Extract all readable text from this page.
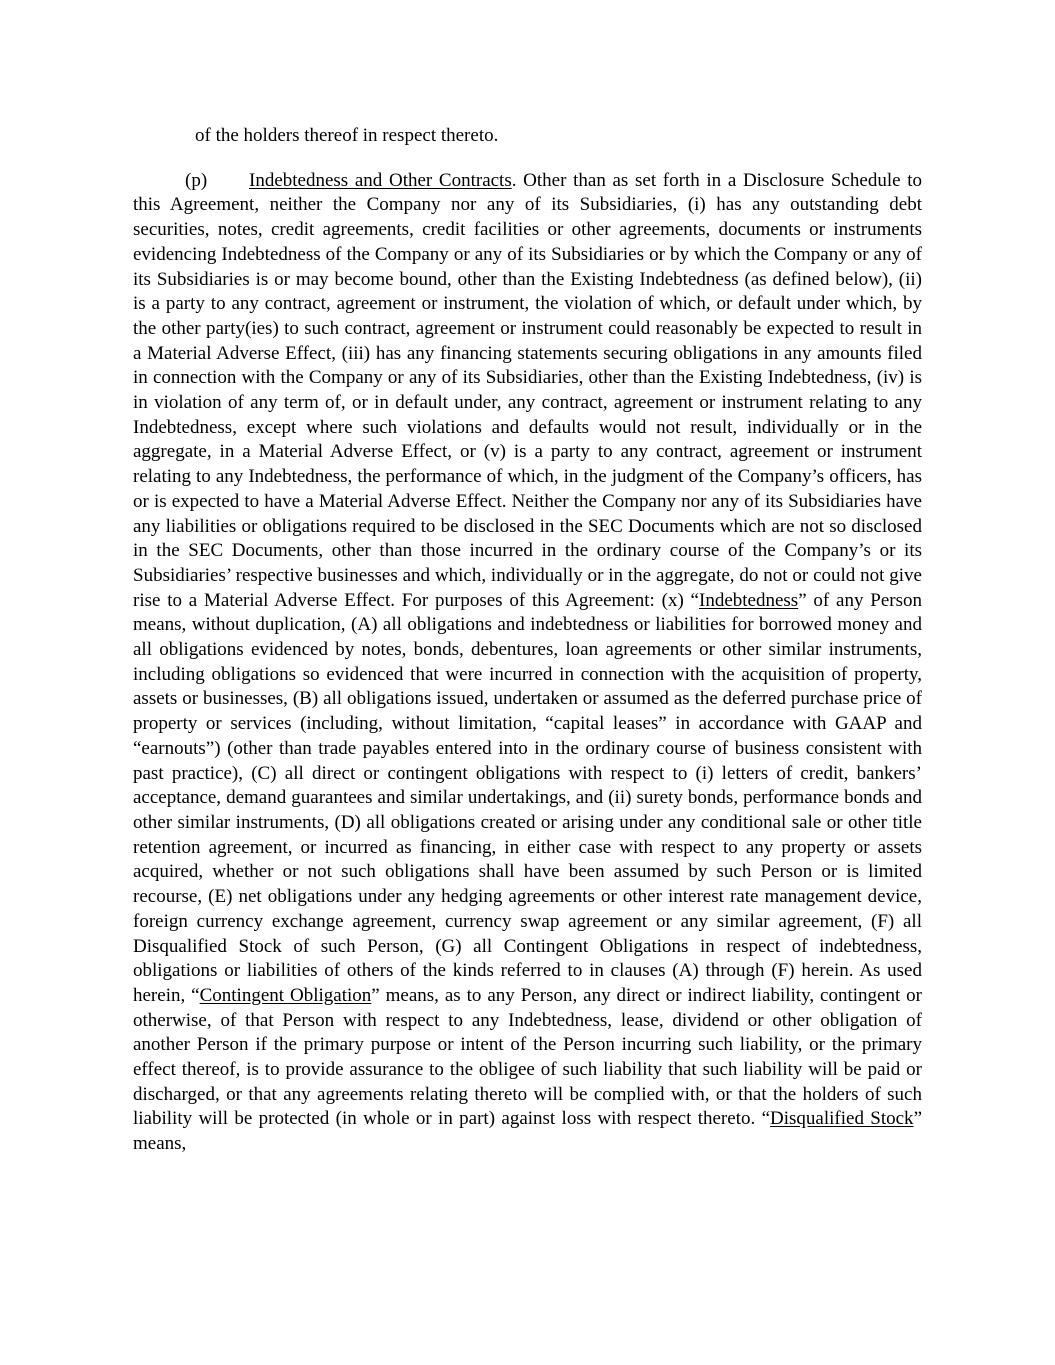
of the holders thereof in respect thereto.

(p) Indebtedness and Other Contracts. Other than as set forth in a Disclosure Schedule to this Agreement, neither the Company nor any of its Subsidiaries, (i) has any outstanding debt securities, notes, credit agreements, credit facilities or other agreements, documents or instruments evidencing Indebtedness of the Company or any of its Subsidiaries or by which the Company or any of its Subsidiaries is or may become bound, other than the Existing Indebtedness (as defined below), (ii) is a party to any contract, agreement or instrument, the violation of which, or default under which, by the other party(ies) to such contract, agreement or instrument could reasonably be expected to result in a Material Adverse Effect, (iii) has any financing statements securing obligations in any amounts filed in connection with the Company or any of its Subsidiaries, other than the Existing Indebtedness, (iv) is in violation of any term of, or in default under, any contract, agreement or instrument relating to any Indebtedness, except where such violations and defaults would not result, individually or in the aggregate, in a Material Adverse Effect, or (v) is a party to any contract, agreement or instrument relating to any Indebtedness, the performance of which, in the judgment of the Company’s officers, has or is expected to have a Material Adverse Effect. Neither the Company nor any of its Subsidiaries have any liabilities or obligations required to be disclosed in the SEC Documents which are not so disclosed in the SEC Documents, other than those incurred in the ordinary course of the Company’s or its Subsidiaries’ respective businesses and which, individually or in the aggregate, do not or could not give rise to a Material Adverse Effect. For purposes of this Agreement: (x) “Indebtedness” of any Person means, without duplication, (A) all obligations and indebtedness or liabilities for borrowed money and all obligations evidenced by notes, bonds, debentures, loan agreements or other similar instruments, including obligations so evidenced that were incurred in connection with the acquisition of property, assets or businesses, (B) all obligations issued, undertaken or assumed as the deferred purchase price of property or services (including, without limitation, “capital leases” in accordance with GAAP and “earnouts”) (other than trade payables entered into in the ordinary course of business consistent with past practice), (C) all direct or contingent obligations with respect to (i) letters of credit, bankers’ acceptance, demand guarantees and similar undertakings, and (ii) surety bonds, performance bonds and other similar instruments, (D) all obligations created or arising under any conditional sale or other title retention agreement, or incurred as financing, in either case with respect to any property or assets acquired, whether or not such obligations shall have been assumed by such Person or is limited recourse, (E) net obligations under any hedging agreements or other interest rate management device, foreign currency exchange agreement, currency swap agreement or any similar agreement, (F) all Disqualified Stock of such Person, (G) all Contingent Obligations in respect of indebtedness, obligations or liabilities of others of the kinds referred to in clauses (A) through (F) herein. As used herein, “Contingent Obligation” means, as to any Person, any direct or indirect liability, contingent or otherwise, of that Person with respect to any Indebtedness, lease, dividend or other obligation of another Person if the primary purpose or intent of the Person incurring such liability, or the primary effect thereof, is to provide assurance to the obligee of such liability that such liability will be paid or discharged, or that any agreements relating thereto will be complied with, or that the holders of such liability will be protected (in whole or in part) against loss with respect thereto. “Disqualified Stock” means,
